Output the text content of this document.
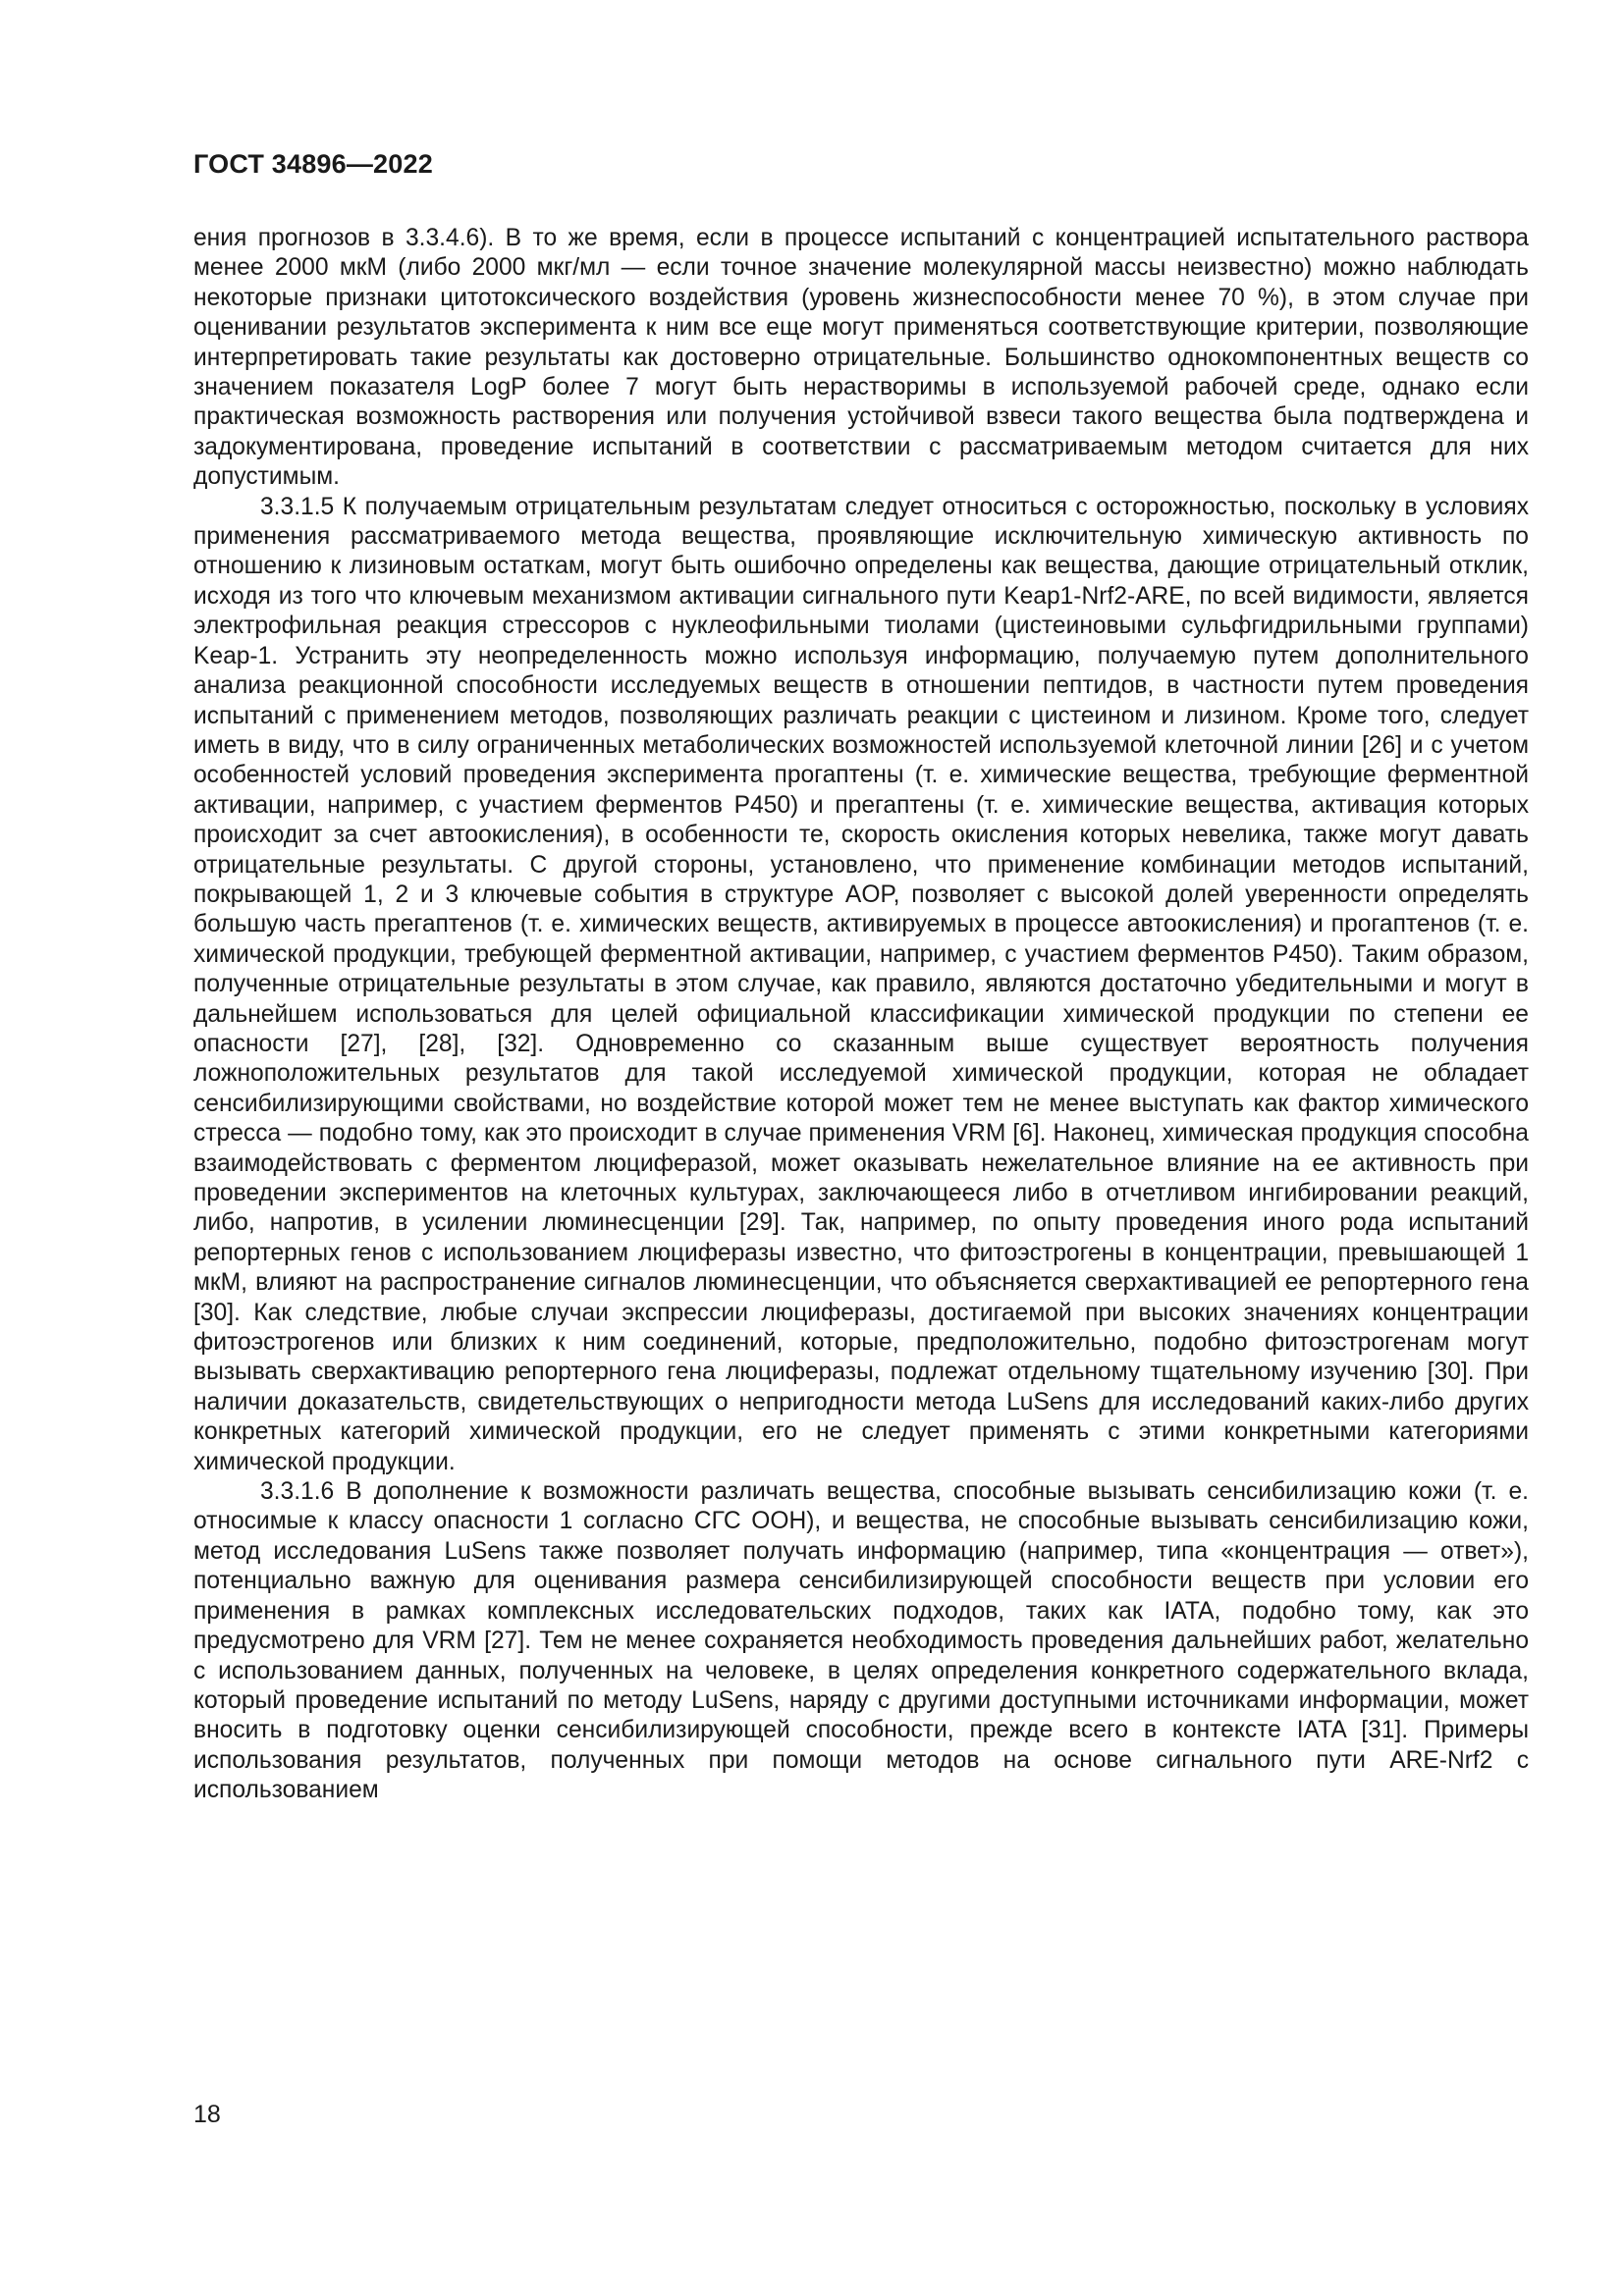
ГОСТ 34896—2022

ения прогнозов в 3.3.4.6). В то же время, если в процессе испытаний с концентрацией испытательного раствора менее 2000 мкМ (либо 2000 мкг/мл — если точное значение молекулярной массы неизвестно) можно наблюдать некоторые признаки цитотоксического воздействия (уровень жизнеспособности менее 70 %), в этом случае при оценивании результатов эксперимента к ним все еще могут применяться соответствующие критерии, позволяющие интерпретировать такие результаты как достоверно отрицательные. Большинство однокомпонентных веществ со значением показателя LogP более 7 могут быть нерастворимы в используемой рабочей среде, однако если практическая возможность растворения или получения устойчивой взвеси такого вещества была подтверждена и задокументирована, проведение испытаний в соответствии с рассматриваемым методом считается для них допустимым.

3.3.1.5 К получаемым отрицательным результатам следует относиться с осторожностью, поскольку в условиях применения рассматриваемого метода вещества, проявляющие исключительную химическую активность по отношению к лизиновым остаткам, могут быть ошибочно определены как вещества, дающие отрицательный отклик, исходя из того что ключевым механизмом активации сигнального пути Keap1-Nrf2-ARE, по всей видимости, является электрофильная реакция стрессоров с нуклеофильными тиолами (цистеиновыми сульфгидрильными группами) Keap-1. Устранить эту неопределенность можно используя информацию, получаемую путем дополнительного анализа реакционной способности исследуемых веществ в отношении пептидов, в частности путем проведения испытаний с применением методов, позволяющих различать реакции с цистеином и лизином. Кроме того, следует иметь в виду, что в силу ограниченных метаболических возможностей используемой клеточной линии [26] и с учетом особенностей условий проведения эксперимента прогаптены (т. е. химические вещества, требующие ферментной активации, например, с участием ферментов P450) и прегаптены (т. е. химические вещества, активация которых происходит за счет автоокисления), в особенности те, скорость окисления которых невелика, также могут давать отрицательные результаты. С другой стороны, установлено, что применение комбинации методов испытаний, покрывающей 1, 2 и 3 ключевые события в структуре AOP, позволяет с высокой долей уверенности определять большую часть прегаптенов (т. е. химических веществ, активируемых в процессе автоокисления) и прогаптенов (т. е. химической продукции, требующей ферментной активации, например, с участием ферментов P450). Таким образом, полученные отрицательные результаты в этом случае, как правило, являются достаточно убедительными и могут в дальнейшем использоваться для целей официальной классификации химической продукции по степени ее опасности [27], [28], [32]. Одновременно со сказанным выше существует вероятность получения ложноположительных результатов для такой исследуемой химической продукции, которая не обладает сенсибилизирующими свойствами, но воздействие которой может тем не менее выступать как фактор химического стресса — подобно тому, как это происходит в случае применения VRM [6]. Наконец, химическая продукция способна взаимодействовать с ферментом люциферазой, может оказывать нежелательное влияние на ее активность при проведении экспериментов на клеточных культурах, заключающееся либо в отчетливом ингибировании реакций, либо, напротив, в усилении люминесценции [29]. Так, например, по опыту проведения иного рода испытаний репортерных генов с использованием люциферазы известно, что фитоэстрогены в концентрации, превышающей 1 мкМ, влияют на распространение сигналов люминесценции, что объясняется сверхактивацией ее репортерного гена [30]. Как следствие, любые случаи экспрессии люциферазы, достигаемой при высоких значениях концентрации фитоэстрогенов или близких к ним соединений, которые, предположительно, подобно фитоэстрогенам могут вызывать сверхактивацию репортерного гена люциферазы, подлежат отдельному тщательному изучению [30]. При наличии доказательств, свидетельствующих о непригодности метода LuSens для исследований каких-либо других конкретных категорий химической продукции, его не следует применять с этими конкретными категориями химической продукции.

3.3.1.6 В дополнение к возможности различать вещества, способные вызывать сенсибилизацию кожи (т. е. относимые к классу опасности 1 согласно СГС ООН), и вещества, не способные вызывать сенсибилизацию кожи, метод исследования LuSens также позволяет получать информацию (например, типа «концентрация — ответ»), потенциально важную для оценивания размера сенсибилизирующей способности веществ при условии его применения в рамках комплексных исследовательских подходов, таких как IATA, подобно тому, как это предусмотрено для VRM [27]. Тем не менее сохраняется необходимость проведения дальнейших работ, желательно с использованием данных, полученных на человеке, в целях определения конкретного содержательного вклада, который проведение испытаний по методу LuSens, наряду с другими доступными источниками информации, может вносить в подготовку оценки сенсибилизирующей способности, прежде всего в контексте IATA [31]. Примеры использования результатов, полученных при помощи методов на основе сигнального пути ARE-Nrf2 с использованием

18
